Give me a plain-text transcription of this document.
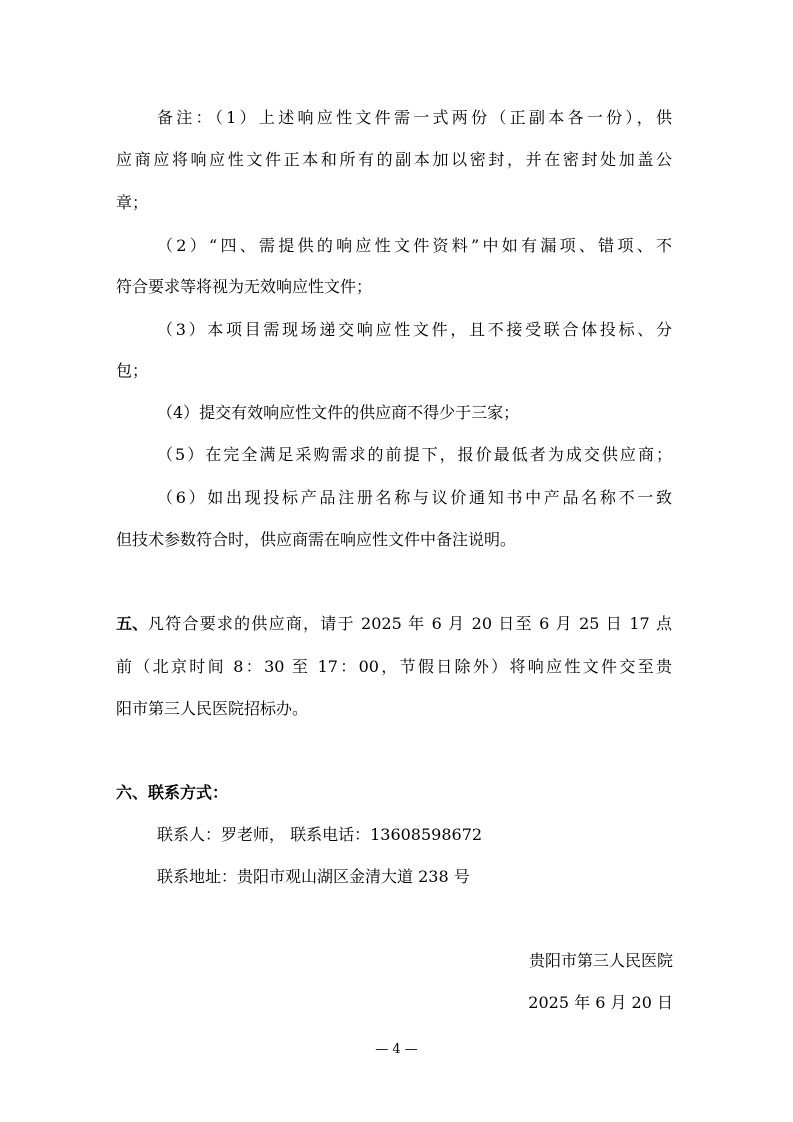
备注：（1）上述响应性文件需一式两份（正副本各一份），供
应商应将响应性文件正本和所有的副本加以密封，并在密封处加盖公
章；
（2）“四、需提供的响应性文件资料”中如有漏项、错项、不
符合要求等将视为无效响应性文件；
（3）本项目需现场递交响应性文件，且不接受联合体投标、分
包；
（4）提交有效响应性文件的供应商不得少于三家；
（5）在完全满足采购需求的前提下，报价最低者为成交供应商；
（6）如出现投标产品注册名称与议价通知书中产品名称不一致
但技术参数符合时，供应商需在响应性文件中备注说明。
五、 凡符合要求的供应商，请于 2025 年 6 月 20 日至 6 月 25 日 17 点
前（北京时间 8：30 至 17：00，节假日除外）将响应性文件交至贵
阳市第三人民医院招标办。
六、联系方式：
联系人：罗老师， 联系电话：13608598672
联系地址：贵阳市观山湖区金清大道 238 号
贵阳市第三人民医院
2025 年 6 月 20 日
— 4 —
